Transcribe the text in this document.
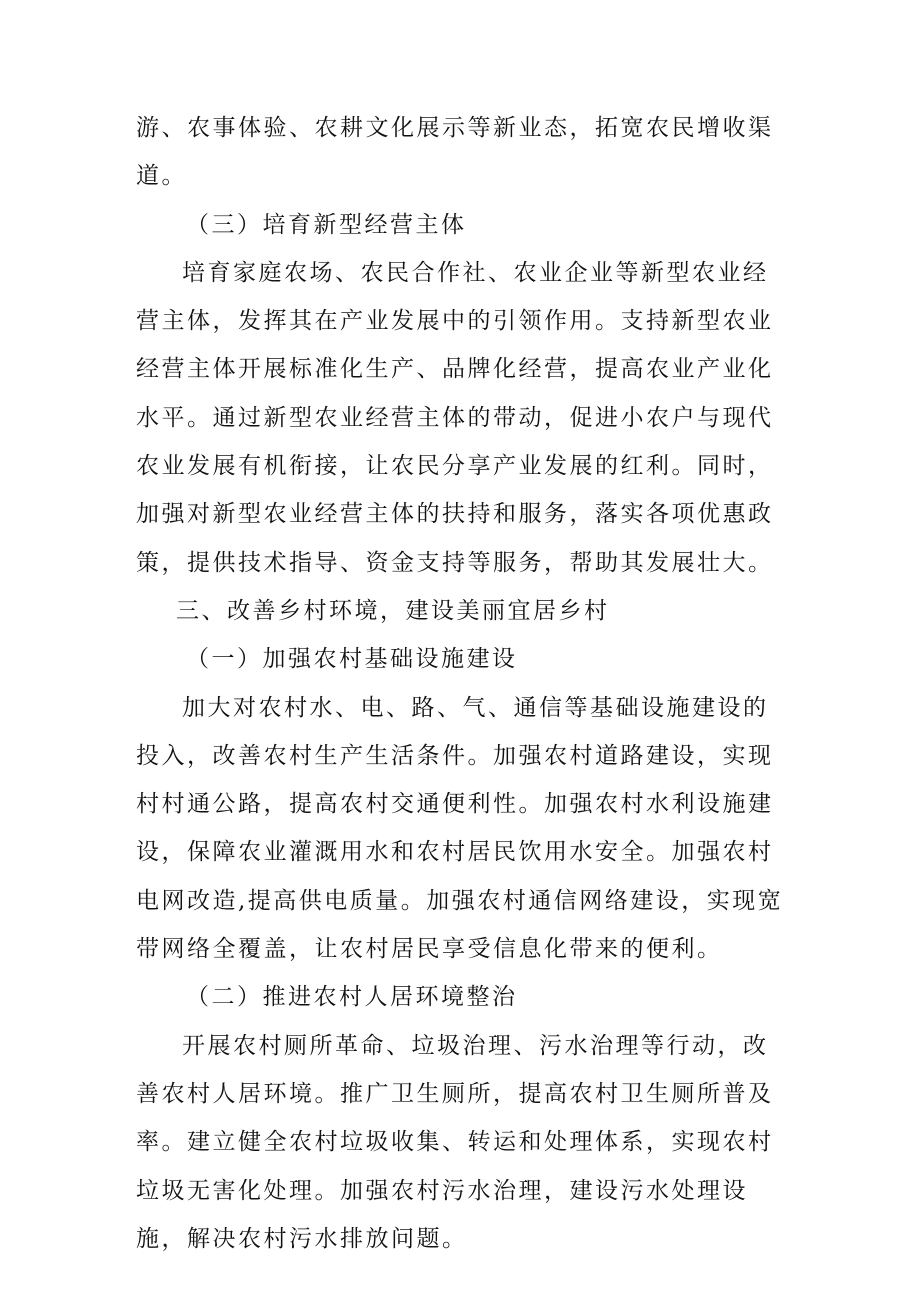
游、农事体验、农耕文化展示等新业态，拓宽农民增收渠道。

（三）培育新型经营主体

培育家庭农场、农民合作社、农业企业等新型农业经营主体，发挥其在产业发展中的引领作用。支持新型农业经营主体开展标准化生产、品牌化经营，提高农业产业化水平。通过新型农业经营主体的带动，促进小农户与现代农业发展有机衔接，让农民分享产业发展的红利。同时，加强对新型农业经营主体的扶持和服务，落实各项优惠政策，提供技术指导、资金支持等服务，帮助其发展壮大。

三、改善乡村环境，建设美丽宜居乡村

（一）加强农村基础设施建设

加大对农村水、电、路、气、通信等基础设施建设的投入，改善农村生产生活条件。加强农村道路建设，实现村村通公路，提高农村交通便利性。加强农村水利设施建设，保障农业灌溉用水和农村居民饮用水安全。加强农村电网改造,提高供电质量。加强农村通信网络建设，实现宽带网络全覆盖，让农村居民享受信息化带来的便利。

（二）推进农村人居环境整治

开展农村厕所革命、垃圾治理、污水治理等行动，改善农村人居环境。推广卫生厕所，提高农村卫生厕所普及率。建立健全农村垃圾收集、转运和处理体系，实现农村垃圾无害化处理。加强农村污水治理，建设污水处理设施，解决农村污水排放问题。
